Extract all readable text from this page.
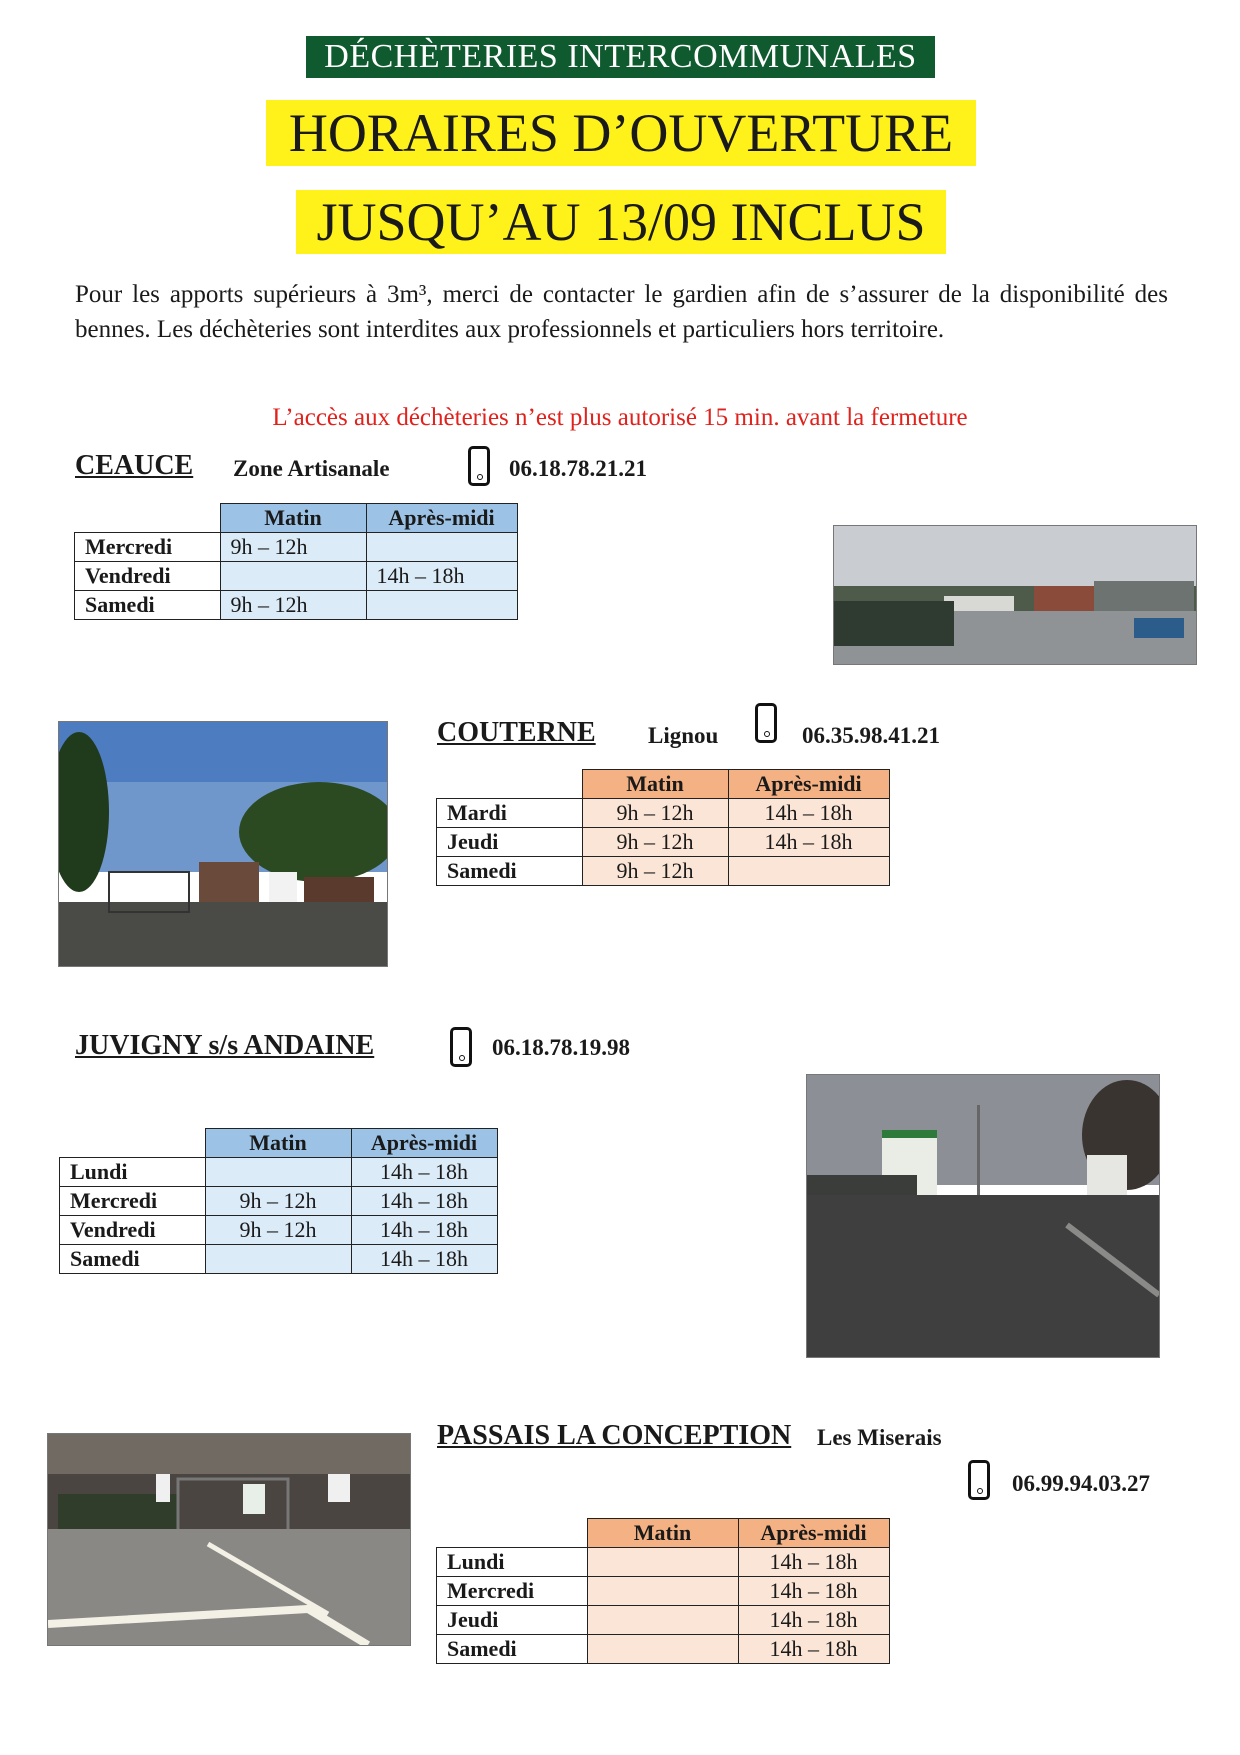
DÉCHÈTERIES INTERCOMMUNALES
HORAIRES D’OUVERTURE
JUSQU’AU 13/09 INCLUS

Pour les apports supérieurs à 3m³, merci de contacter le gardien afin de s’assurer de la disponibilité des bennes. Les déchèteries sont interdites aux professionnels et particuliers hors territoire.

L’accès aux déchèteries n’est plus autorisé 15 min. avant la fermeture
CEAUCE Zone Artisanale	06.18.78.21.21
	Matin	Après-midi
Mercredi	9h – 12h	
Vendredi		14h – 18h
Samedi	9h – 12h	
COUTERNE Lignou	06.35.98.41.21
	Matin	Après-midi
Mardi	9h – 12h	14h – 18h
Jeudi	9h – 12h	14h – 18h
Samedi	9h – 12h	
JUVIGNY s/s ANDAINE	06.18.78.19.98
	Matin	Après-midi
Lundi		14h – 18h
Mercredi	9h – 12h	14h – 18h
Vendredi	9h – 12h	14h – 18h
Samedi		14h – 18h
PASSAIS LA CONCEPTION Les Miserais
06.99.94.03.27
	Matin	Après-midi
Lundi		14h – 18h
Mercredi		14h – 18h
Jeudi		14h – 18h
Samedi		14h – 18h
